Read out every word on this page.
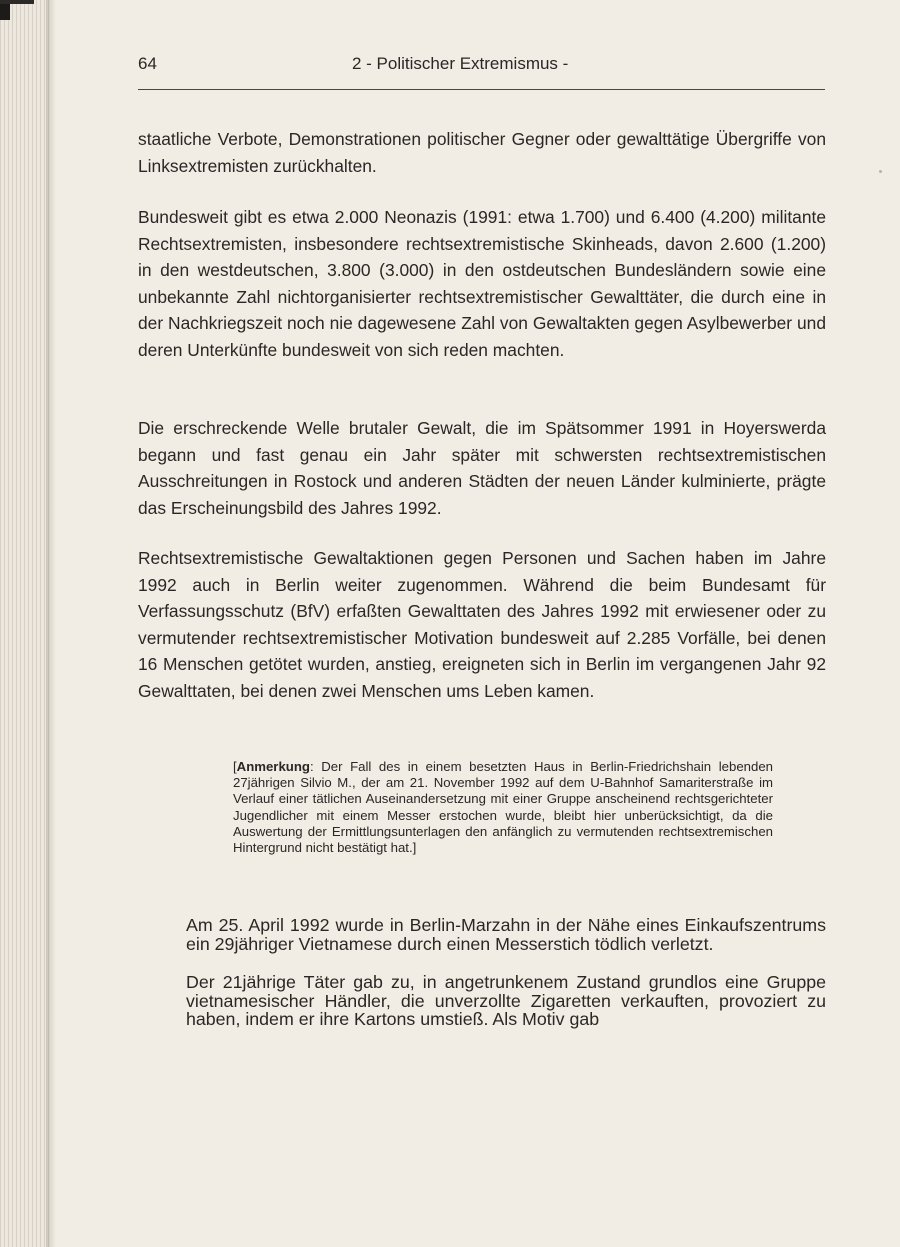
64	2 - Politischer Extremismus -

staatliche Verbote, Demonstrationen politischer Gegner oder gewalttätige Übergriffe von Linksextremisten zurückhalten.

Bundesweit gibt es etwa 2.000 Neonazis (1991: etwa 1.700) und 6.400 (4.200) militante Rechtsextremisten, insbesondere rechtsextremistische Skinheads, davon 2.600 (1.200) in den westdeutschen, 3.800 (3.000) in den ostdeutschen Bundesländern sowie eine unbekannte Zahl nichtorganisierter rechtsextremistischer Gewalttäter, die durch eine in der Nachkriegszeit noch nie dagewesene Zahl von Gewaltakten gegen Asylbewerber und deren Unterkünfte bundesweit von sich reden machten.

Die erschreckende Welle brutaler Gewalt, die im Spätsommer 1991 in Hoyerswerda begann und fast genau ein Jahr später mit schwersten rechtsextremistischen Ausschreitungen in Rostock und anderen Städten der neuen Länder kulminierte, prägte das Erscheinungsbild des Jahres 1992.

Rechtsextremistische Gewaltaktionen gegen Personen und Sachen haben im Jahre 1992 auch in Berlin weiter zugenommen. Während die beim Bundesamt für Verfassungsschutz (BfV) erfaßten Gewalttaten des Jahres 1992 mit erwiesener oder zu vermutender rechtsextremistischer Motivation bundesweit auf 2.285 Vorfälle, bei denen 16 Menschen getötet wurden, anstieg, ereigneten sich in Berlin im vergangenen Jahr 92 Gewalttaten, bei denen zwei Menschen ums Leben kamen.

[Anmerkung: Der Fall des in einem besetzten Haus in Berlin-Friedrichshain lebenden 27jährigen Silvio M., der am 21. November 1992 auf dem U-Bahnhof Samariterstraße im Verlauf einer tätlichen Auseinandersetzung mit einer Gruppe anscheinend rechtsgerichteter Jugendlicher mit einem Messer erstochen wurde, bleibt hier unberücksichtigt, da die Auswertung der Ermittlungsunterlagen den anfänglich zu vermutenden rechtsextremischen Hintergrund nicht bestätigt hat.]

Am 25. April 1992 wurde in Berlin-Marzahn in der Nähe eines Einkaufszentrums ein 29jähriger Vietnamese durch einen Messerstich tödlich verletzt.

Der 21jährige Täter gab zu, in angetrunkenem Zustand grundlos eine Gruppe vietnamesischer Händler, die unverzollte Zigaretten verkauften, provoziert zu haben, indem er ihre Kartons umstieß. Als Motiv gab
